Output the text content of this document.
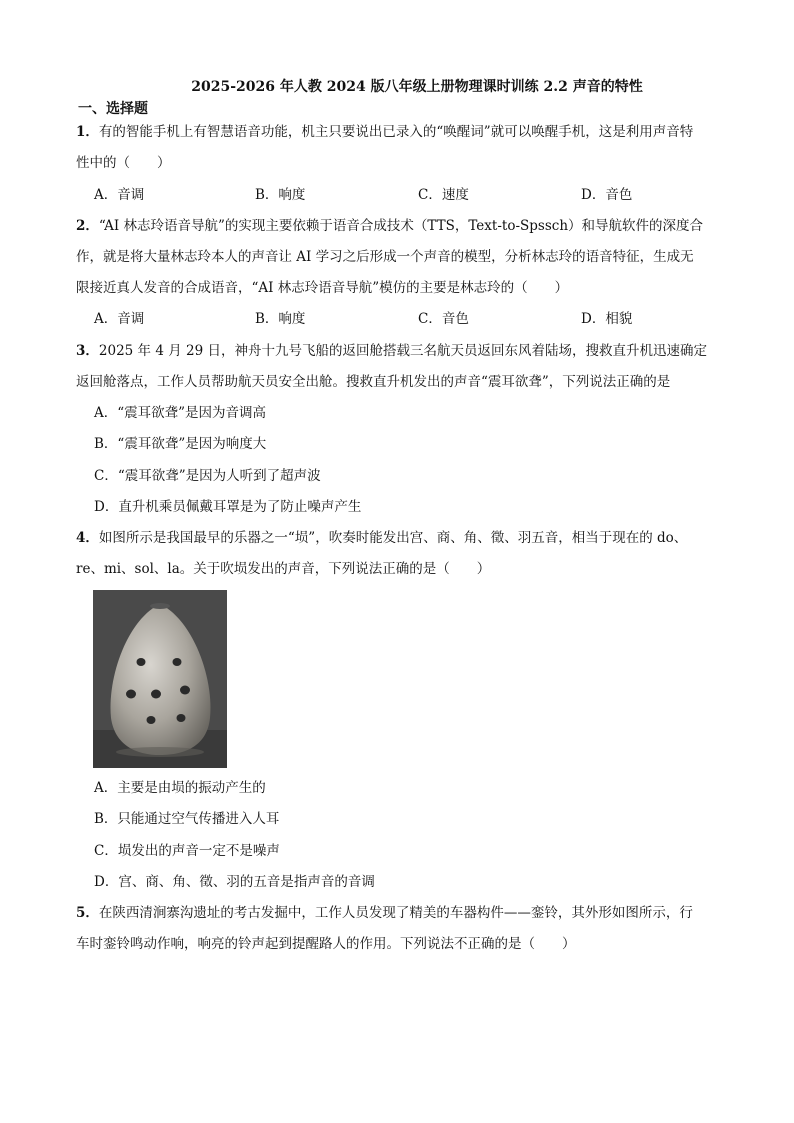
2025-2026 年人教 2024 版八年级上册物理课时训练 2.2 声音的特性
一、选择题
1．有的智能手机上有智慧语音功能，机主只要说出已录入的“唤醒词”就可以唤醒手机，这是利用声音特
性中的（　　）
A．音调	B．响度	C．速度	D．音色
2．“AI 林志玲语音导航”的实现主要依赖于语音合成技术（TTS，Text-to-Spssch）和导航软件的深度合
作，就是将大量林志玲本人的声音让 AI 学习之后形成一个声音的模型，分析林志玲的语音特征，生成无
限接近真人发音的合成语音，“AI 林志玲语音导航”模仿的主要是林志玲的（　　）
A．音调	B．响度	C．音色	D．相貌
3．2025 年 4 月 29 日，神舟十九号飞船的返回舱搭载三名航天员返回东风着陆场，搜救直升机迅速确定
返回舱落点，工作人员帮助航天员安全出舱。搜救直升机发出的声音“震耳欲聋”，下列说法正确的是
A．“震耳欲聋”是因为音调高
B．“震耳欲聋”是因为响度大
C．“震耳欲聋”是因为人听到了超声波
D．直升机乘员佩戴耳罩是为了防止噪声产生
4．如图所示是我国最早的乐器之一“埙”，吹奏时能发出宫、商、角、徵、羽五音，相当于现在的 do、
re、mi、sol、la。关于吹埙发出的声音，下列说法正确的是（　　）
A．主要是由埙的振动产生的
B．只能通过空气传播进入人耳
C．埙发出的声音一定不是噪声
D．宫、商、角、徵、羽的五音是指声音的音调
5．在陕西清涧寨沟遗址的考古发掘中，工作人员发现了精美的车器构件——銮铃，其外形如图所示，行
车时銮铃鸣动作响，响亮的铃声起到提醒路人的作用。下列说法不正确的是（　　）
